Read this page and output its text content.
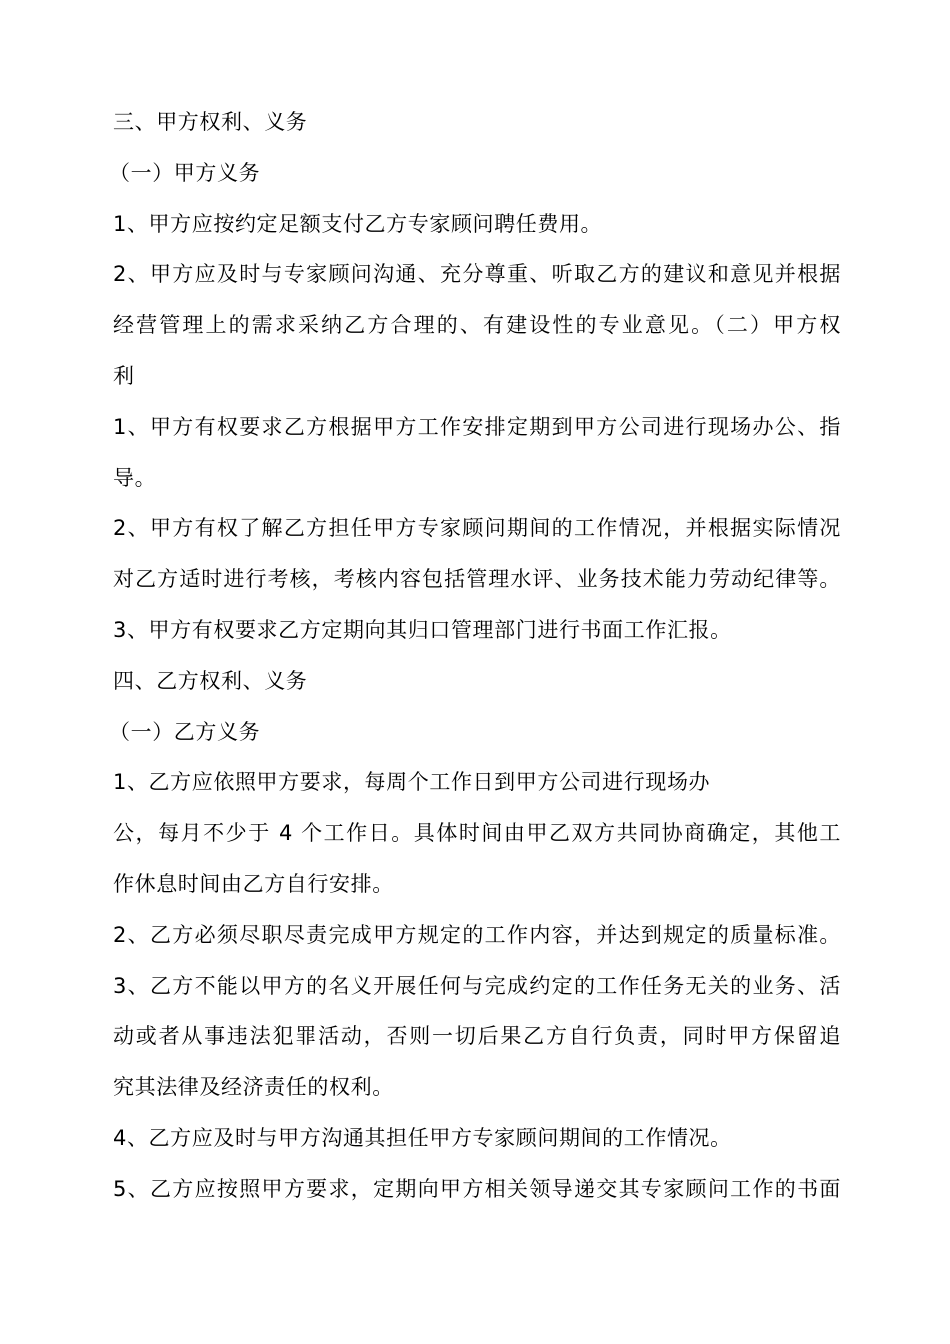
三、甲方权利、义务
（一）甲方义务
1、甲方应按约定足额支付乙方专家顾问聘任费用。
2、甲方应及时与专家顾问沟通、充分尊重、听取乙方的建议和意见并根据
经营管理上的需求采纳乙方合理的、有建设性的专业意见。（二）甲方权
利
1、甲方有权要求乙方根据甲方工作安排定期到甲方公司进行现场办公、指
导。
2、甲方有权了解乙方担任甲方专家顾问期间的工作情况，并根据实际情况
对乙方适时进行考核，考核内容包括管理水评、业务技术能力劳动纪律等。
3、甲方有权要求乙方定期向其归口管理部门进行书面工作汇报。
四、乙方权利、义务
（一）乙方义务
1、乙方应依照甲方要求，每周个工作日到甲方公司进行现场办
公，每月不少于 4 个工作日。具体时间由甲乙双方共同协商确定，其他工
作休息时间由乙方自行安排。
2、乙方必须尽职尽责完成甲方规定的工作内容，并达到规定的质量标准。
3、乙方不能以甲方的名义开展任何与完成约定的工作任务无关的业务、活
动或者从事违法犯罪活动，否则一切后果乙方自行负责，同时甲方保留追
究其法律及经济责任的权利。
4、乙方应及时与甲方沟通其担任甲方专家顾问期间的工作情况。
5、乙方应按照甲方要求，定期向甲方相关领导递交其专家顾问工作的书面
